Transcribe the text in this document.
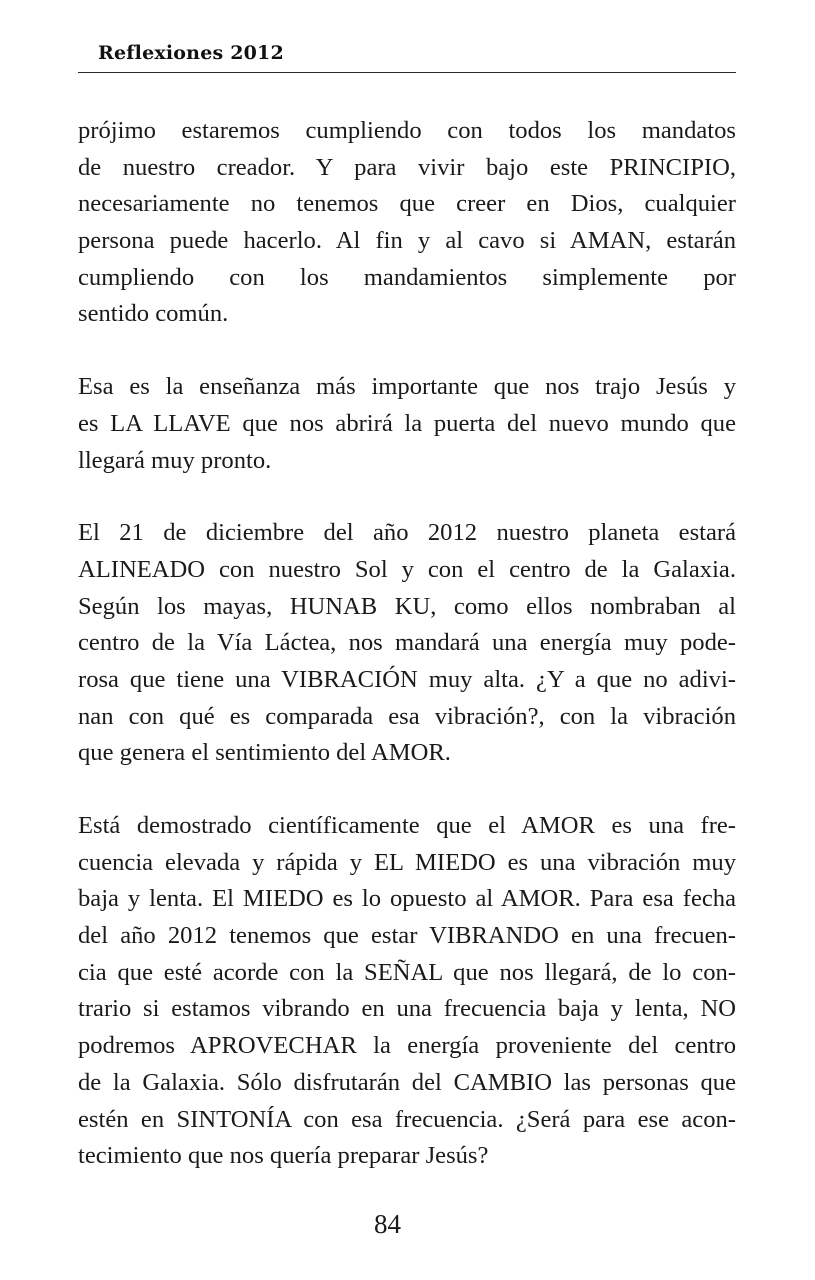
Reflexiones 2012

prójimo estaremos cumpliendo con todos los mandatos
de nuestro creador. Y para vivir bajo este PRINCIPIO,
necesariamente no tenemos que creer en Dios, cualquier
persona puede hacerlo. Al fin y al cavo si AMAN, estarán
cumpliendo con los mandamientos simplemente por
sentido común.

Esa es la enseñanza más importante que nos trajo Jesús y
es LA LLAVE que nos abrirá la puerta del nuevo mundo que
llegará muy pronto.

El 21 de diciembre del año 2012 nuestro planeta estará
ALINEADO con nuestro Sol y con el centro de la Galaxia.
Según los mayas, HUNAB KU, como ellos nombraban al
centro de la Vía Láctea, nos mandará una energía muy pode-
rosa que tiene una VIBRACIÓN muy alta. ¿Y a que no adivi-
nan con qué es comparada esa vibración?, con la vibración
que genera el sentimiento del AMOR.

Está demostrado científicamente que el AMOR es una fre-
cuencia elevada y rápida y EL MIEDO es una vibración muy
baja y lenta. El MIEDO es lo opuesto al AMOR. Para esa fecha
del año 2012 tenemos que estar VIBRANDO en una frecuen-
cia que esté acorde con la SEÑAL que nos llegará, de lo con-
trario si estamos vibrando en una frecuencia baja y lenta, NO
podremos APROVECHAR la energía proveniente del centro
de la Galaxia. Sólo disfrutarán del CAMBIO las personas que
estén en SINTONÍA con esa frecuencia. ¿Será para ese acon-
tecimiento que nos quería preparar Jesús?

84
